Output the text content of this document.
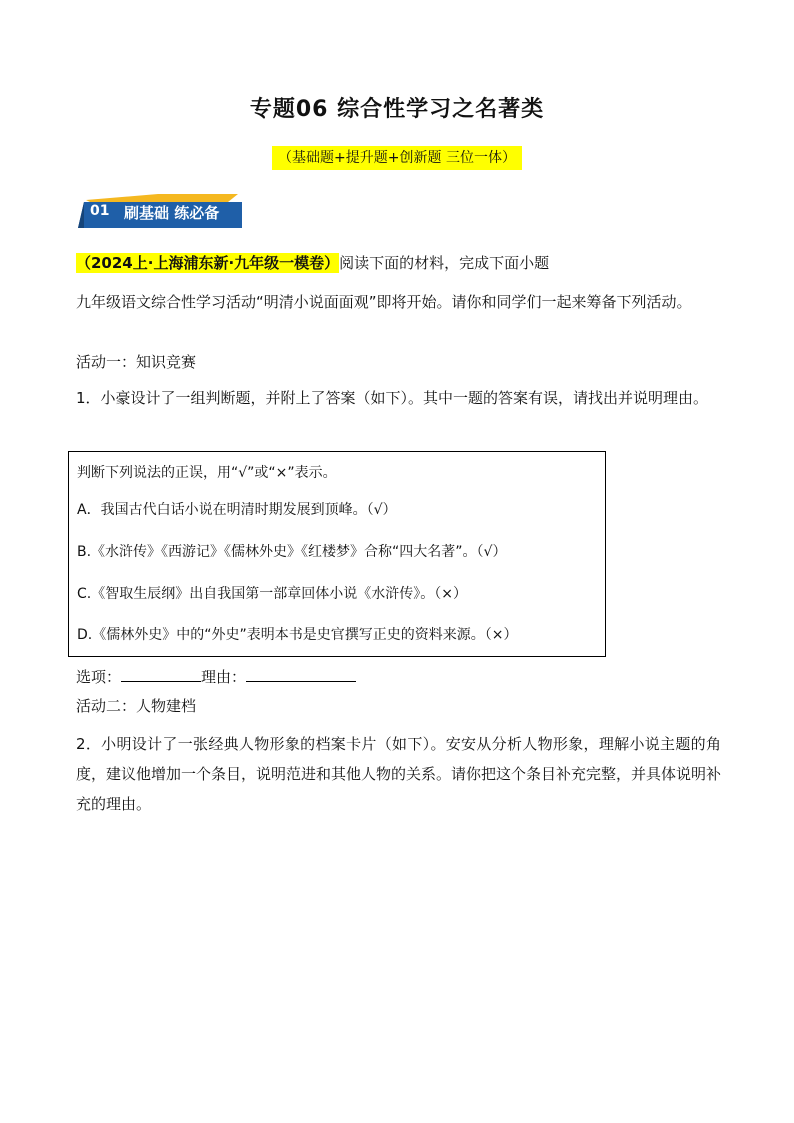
专题06 综合性学习之名著类
（基础题+提升题+创新题 三位一体）
01 刷基础 练必备
（2024上·上海浦东新·九年级一模卷）阅读下面的材料，完成下面小题
九年级语文综合性学习活动“明清小说面面观”即将开始。请你和同学们一起来筹备下列活动。
活动一：知识竞赛
1．小豪设计了一组判断题，并附上了答案（如下）。其中一题的答案有误，请找出并说明理由。
判断下列说法的正误，用“√”或“×”表示。
A．我国古代白话小说在明清时期发展到顶峰。（√）
B.《水浒传》《西游记》《儒林外史》《红楼梦》合称“四大名著”。（√）
C.《智取生辰纲》出自我国第一部章回体小说《水浒传》。（×）
D.《儒林外史》中的“外史”表明本书是史官撰写正史的资料来源。（×）
选项：	理由：
活动二：人物建档
2．小明设计了一张经典人物形象的档案卡片（如下）。安安从分析人物形象，理解小说主题的角度，建议他增加一个条目，说明范进和其他人物的关系。请你把这个条目补充完整，并具体说明补充的理由。
